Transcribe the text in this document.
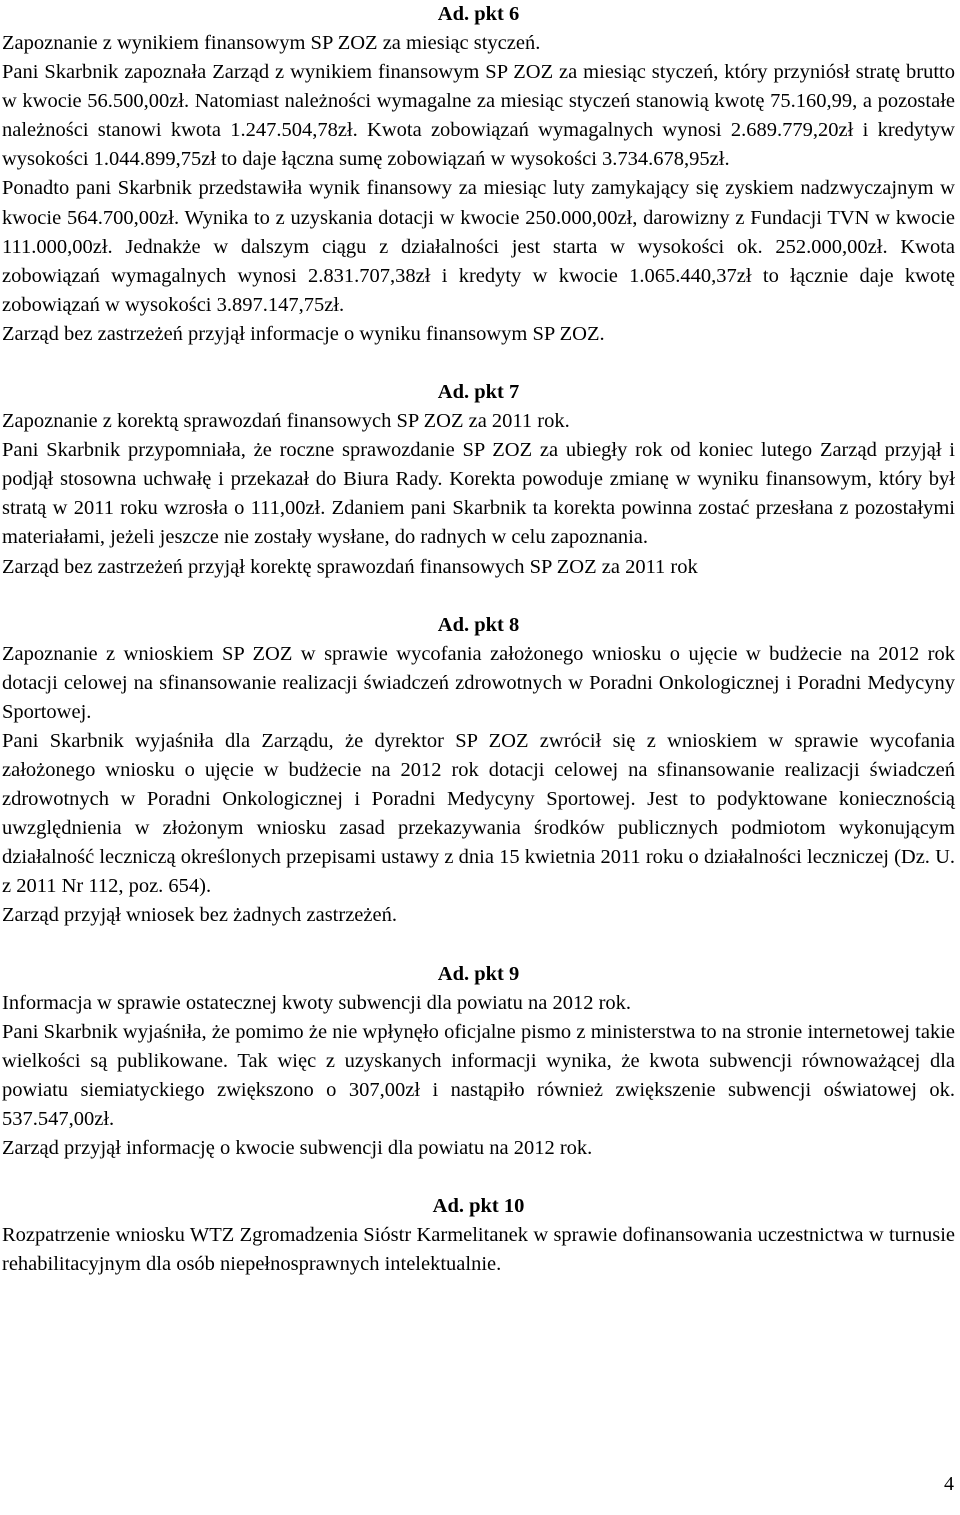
Ad. pkt 6

Zapoznanie z wynikiem finansowym SP ZOZ za miesiąc styczeń.

Pani Skarbnik zapoznała Zarząd z wynikiem finansowym SP ZOZ za miesiąc styczeń, który przyniósł stratę brutto w kwocie 56.500,00zł. Natomiast należności wymagalne za miesiąc styczeń stanowią kwotę 75.160,99, a pozostałe należności stanowi kwota 1.247.504,78zł. Kwota zobowiązań wymagalnych wynosi 2.689.779,20zł i kredytyw wysokości 1.044.899,75zł to daje łączna sumę zobowiązań w wysokości 3.734.678,95zł.

Ponadto pani Skarbnik przedstawiła wynik finansowy za miesiąc luty zamykający się zyskiem nadzwyczajnym w kwocie 564.700,00zł. Wynika to z uzyskania dotacji w kwocie 250.000,00zł, darowizny z Fundacji TVN w kwocie 111.000,00zł. Jednakże w dalszym ciągu z działalności jest starta w wysokości ok. 252.000,00zł. Kwota zobowiązań wymagalnych wynosi 2.831.707,38zł i kredyty w kwocie 1.065.440,37zł to łącznie daje kwotę zobowiązań w wysokości 3.897.147,75zł.

Zarząd bez zastrzeżeń przyjął informacje o wyniku finansowym SP ZOZ.

Ad. pkt 7

Zapoznanie z korektą sprawozdań finansowych SP ZOZ za 2011 rok.

Pani Skarbnik przypomniała, że roczne sprawozdanie SP ZOZ za ubiegły rok od koniec lutego Zarząd przyjął i podjął stosowna uchwałę i przekazał do Biura Rady. Korekta powoduje zmianę w wyniku finansowym, który był stratą w 2011 roku wzrosła o 111,00zł. Zdaniem pani Skarbnik ta korekta powinna zostać przesłana z pozostałymi materiałami, jeżeli jeszcze nie zostały wysłane, do radnych w celu zapoznania.

Zarząd bez zastrzeżeń przyjął korektę sprawozdań finansowych SP ZOZ za 2011 rok

Ad. pkt 8

Zapoznanie z wnioskiem SP ZOZ w sprawie wycofania założonego wniosku o ujęcie w budżecie na 2012 rok dotacji celowej na sfinansowanie realizacji świadczeń zdrowotnych w Poradni Onkologicznej i Poradni Medycyny Sportowej.

Pani Skarbnik wyjaśniła dla Zarządu, że dyrektor SP ZOZ zwrócił się z wnioskiem w sprawie wycofania założonego wniosku o ujęcie w budżecie na 2012 rok dotacji celowej na sfinansowanie realizacji świadczeń zdrowotnych w Poradni Onkologicznej i Poradni Medycyny Sportowej. Jest to podyktowane koniecznością uwzględnienia w złożonym wniosku zasad przekazywania środków publicznych podmiotom wykonującym działalność leczniczą określonych przepisami ustawy z dnia 15 kwietnia 2011 roku o działalności leczniczej (Dz. U. z 2011 Nr 112, poz. 654).

Zarząd przyjął wniosek bez żadnych zastrzeżeń.

Ad. pkt 9

Informacja w sprawie ostatecznej kwoty subwencji dla powiatu na 2012 rok.

Pani Skarbnik wyjaśniła, że pomimo że nie wpłynęło oficjalne pismo z ministerstwa to na stronie internetowej takie wielkości są publikowane. Tak więc z uzyskanych informacji wynika, że kwota subwencji równoważącej dla powiatu siemiatyckiego zwiększono o 307,00zł i nastąpiło również zwiększenie subwencji oświatowej ok. 537.547,00zł.

Zarząd przyjął informację o kwocie subwencji dla powiatu na 2012 rok.

Ad. pkt 10

Rozpatrzenie wniosku WTZ Zgromadzenia Sióstr Karmelitanek w sprawie dofinansowania uczestnictwa w turnusie rehabilitacyjnym dla osób niepełnosprawnych intelektualnie.

4
